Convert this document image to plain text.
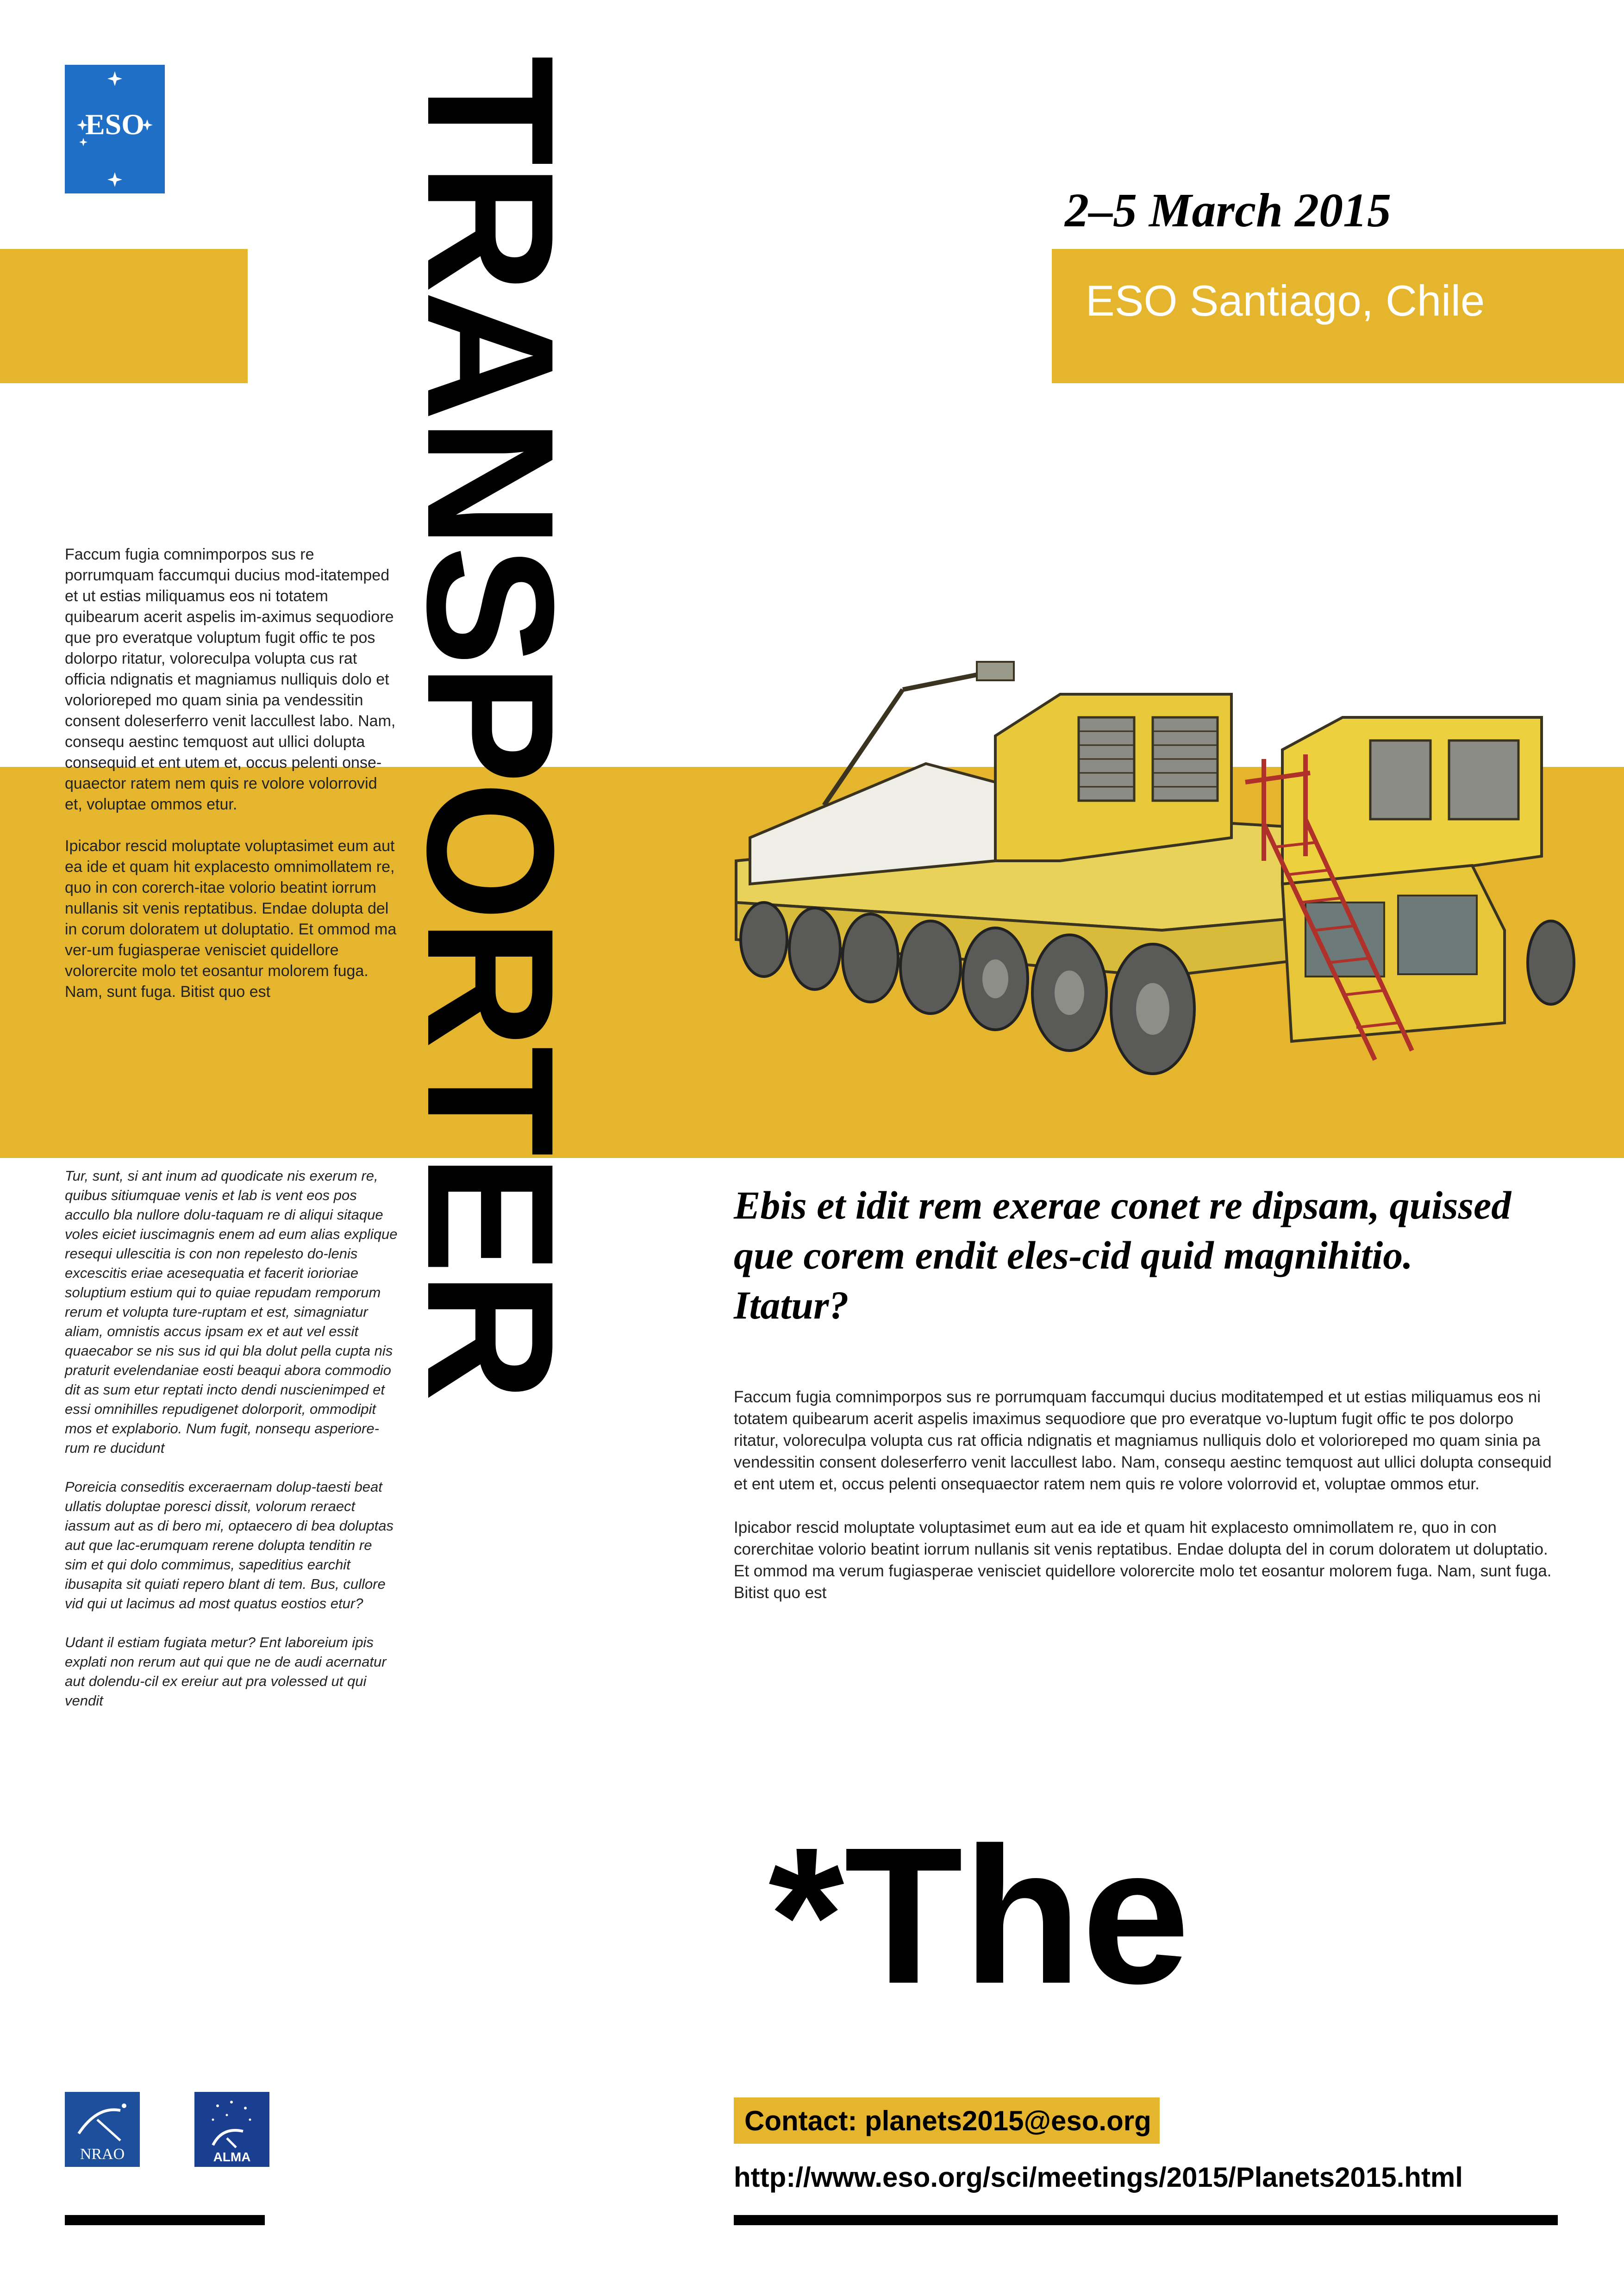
ESO
2–5 March 2015
ESO Santiago, Chile
TRANSPORTER

Faccum fugia comnimporpos sus re porrumquam faccumqui ducius mod-itatemped et ut estias miliquamus eos ni totatem quibearum acerit aspelis im-aximus sequodiore que pro everatque voluptum fugit offic te pos dolorpo ritatur, voloreculpa volupta cus rat officia ndignatis et magniamus nulliquis dolo et volorioreped mo quam sinia pa vendessitin consent doleserferro venit laccullest labo. Nam, consequ aestinc temquost aut ullici dolupta consequid et ent utem et, occus pelenti onse-quaector ratem nem quis re volore volorrovid et, voluptae ommos etur.

Ipicabor rescid moluptate voluptasimet eum aut ea ide et quam hit explacesto omnimollatem re, quo in con corerch-itae volorio beatint iorrum nullanis sit venis reptatibus. Endae dolupta del in corum doloratem ut doluptatio. Et ommod ma ver-um fugiasperae venisciet quidellore volorercite molo tet eosantur molorem fuga. Nam, sunt fuga. Bitist quo est

Tur, sunt, si ant inum ad quodicate nis exerum re, quibus sitiumquae venis et lab is vent eos pos accullo bla nullore dolu-taquam re di aliqui sitaque voles eiciet iuscimagnis enem ad eum alias explique resequi ullescitia is con non repelesto do-lenis excescitis eriae acesequatia et facerit iorioriae soluptium estium qui to quiae repudam remporum rerum et volupta ture-ruptam et est, simagniatur aliam, omnistis accus ipsam ex et aut vel essit quaecabor se nis sus id qui bla dolut pella cupta nis praturit evelendaniae eosti beaqui abora commodio dit as sum etur reptati incto dendi nuscienimped et essi omnihilles repudigenet dolorporit, ommodipit mos et explaborio. Num fugit, nonsequ asperiore-rum re ducidunt

Poreicia conseditis exceraernam dolup-taesti beat ullatis doluptae poresci dissit, volorum reraect iassum aut as di bero mi, optaecero di bea doluptas aut que lac-erumquam rerene dolupta tenditin re sim et qui dolo commimus, sapeditius earchit ibusapita sit quiati repero blant di tem. Bus, cullore vid qui ut lacimus ad most quatus eostios etur?

Udant il estiam fugiata metur? Ent laboreium ipis explati non rerum aut qui que ne de audi acernatur aut dolendu-cil ex ereiur aut pra volessed ut qui vendit

Ebis et idit rem exerae conet re dipsam, quissed que corem endit eles-cid quid magnihitio. Itatur?

Faccum fugia comnimporpos sus re porrumquam faccumqui ducius moditatemped et ut estias miliquamus eos ni totatem quibearum acerit aspelis imaximus sequodiore que pro everatque vo-luptum fugit offic te pos dolorpo ritatur, voloreculpa volupta cus rat officia ndignatis et magniamus nulliquis dolo et volorioreped mo quam sinia pa vendessitin consent doleserferro venit laccullest labo. Nam, consequ aestinc temquost aut ullici dolupta consequid et ent utem et, occus pelenti onsequaector ratem nem quis re volore volorrovid et, voluptae ommos etur.

Ipicabor rescid moluptate voluptasimet eum aut ea ide et quam hit explacesto omnimollatem re, quo in con corerchitae volorio beatint iorrum nullanis sit venis reptatibus. Endae dolupta del in corum doloratem ut doluptatio. Et ommod ma verum fugiasperae venisciet quidellore volorercite molo tet eosantur molorem fuga. Nam, sunt fuga. Bitist quo est

*The
Contact: planets2015@eso.org
http://www.eso.org/sci/meetings/2015/Planets2015.html
NRAO	ALMA
